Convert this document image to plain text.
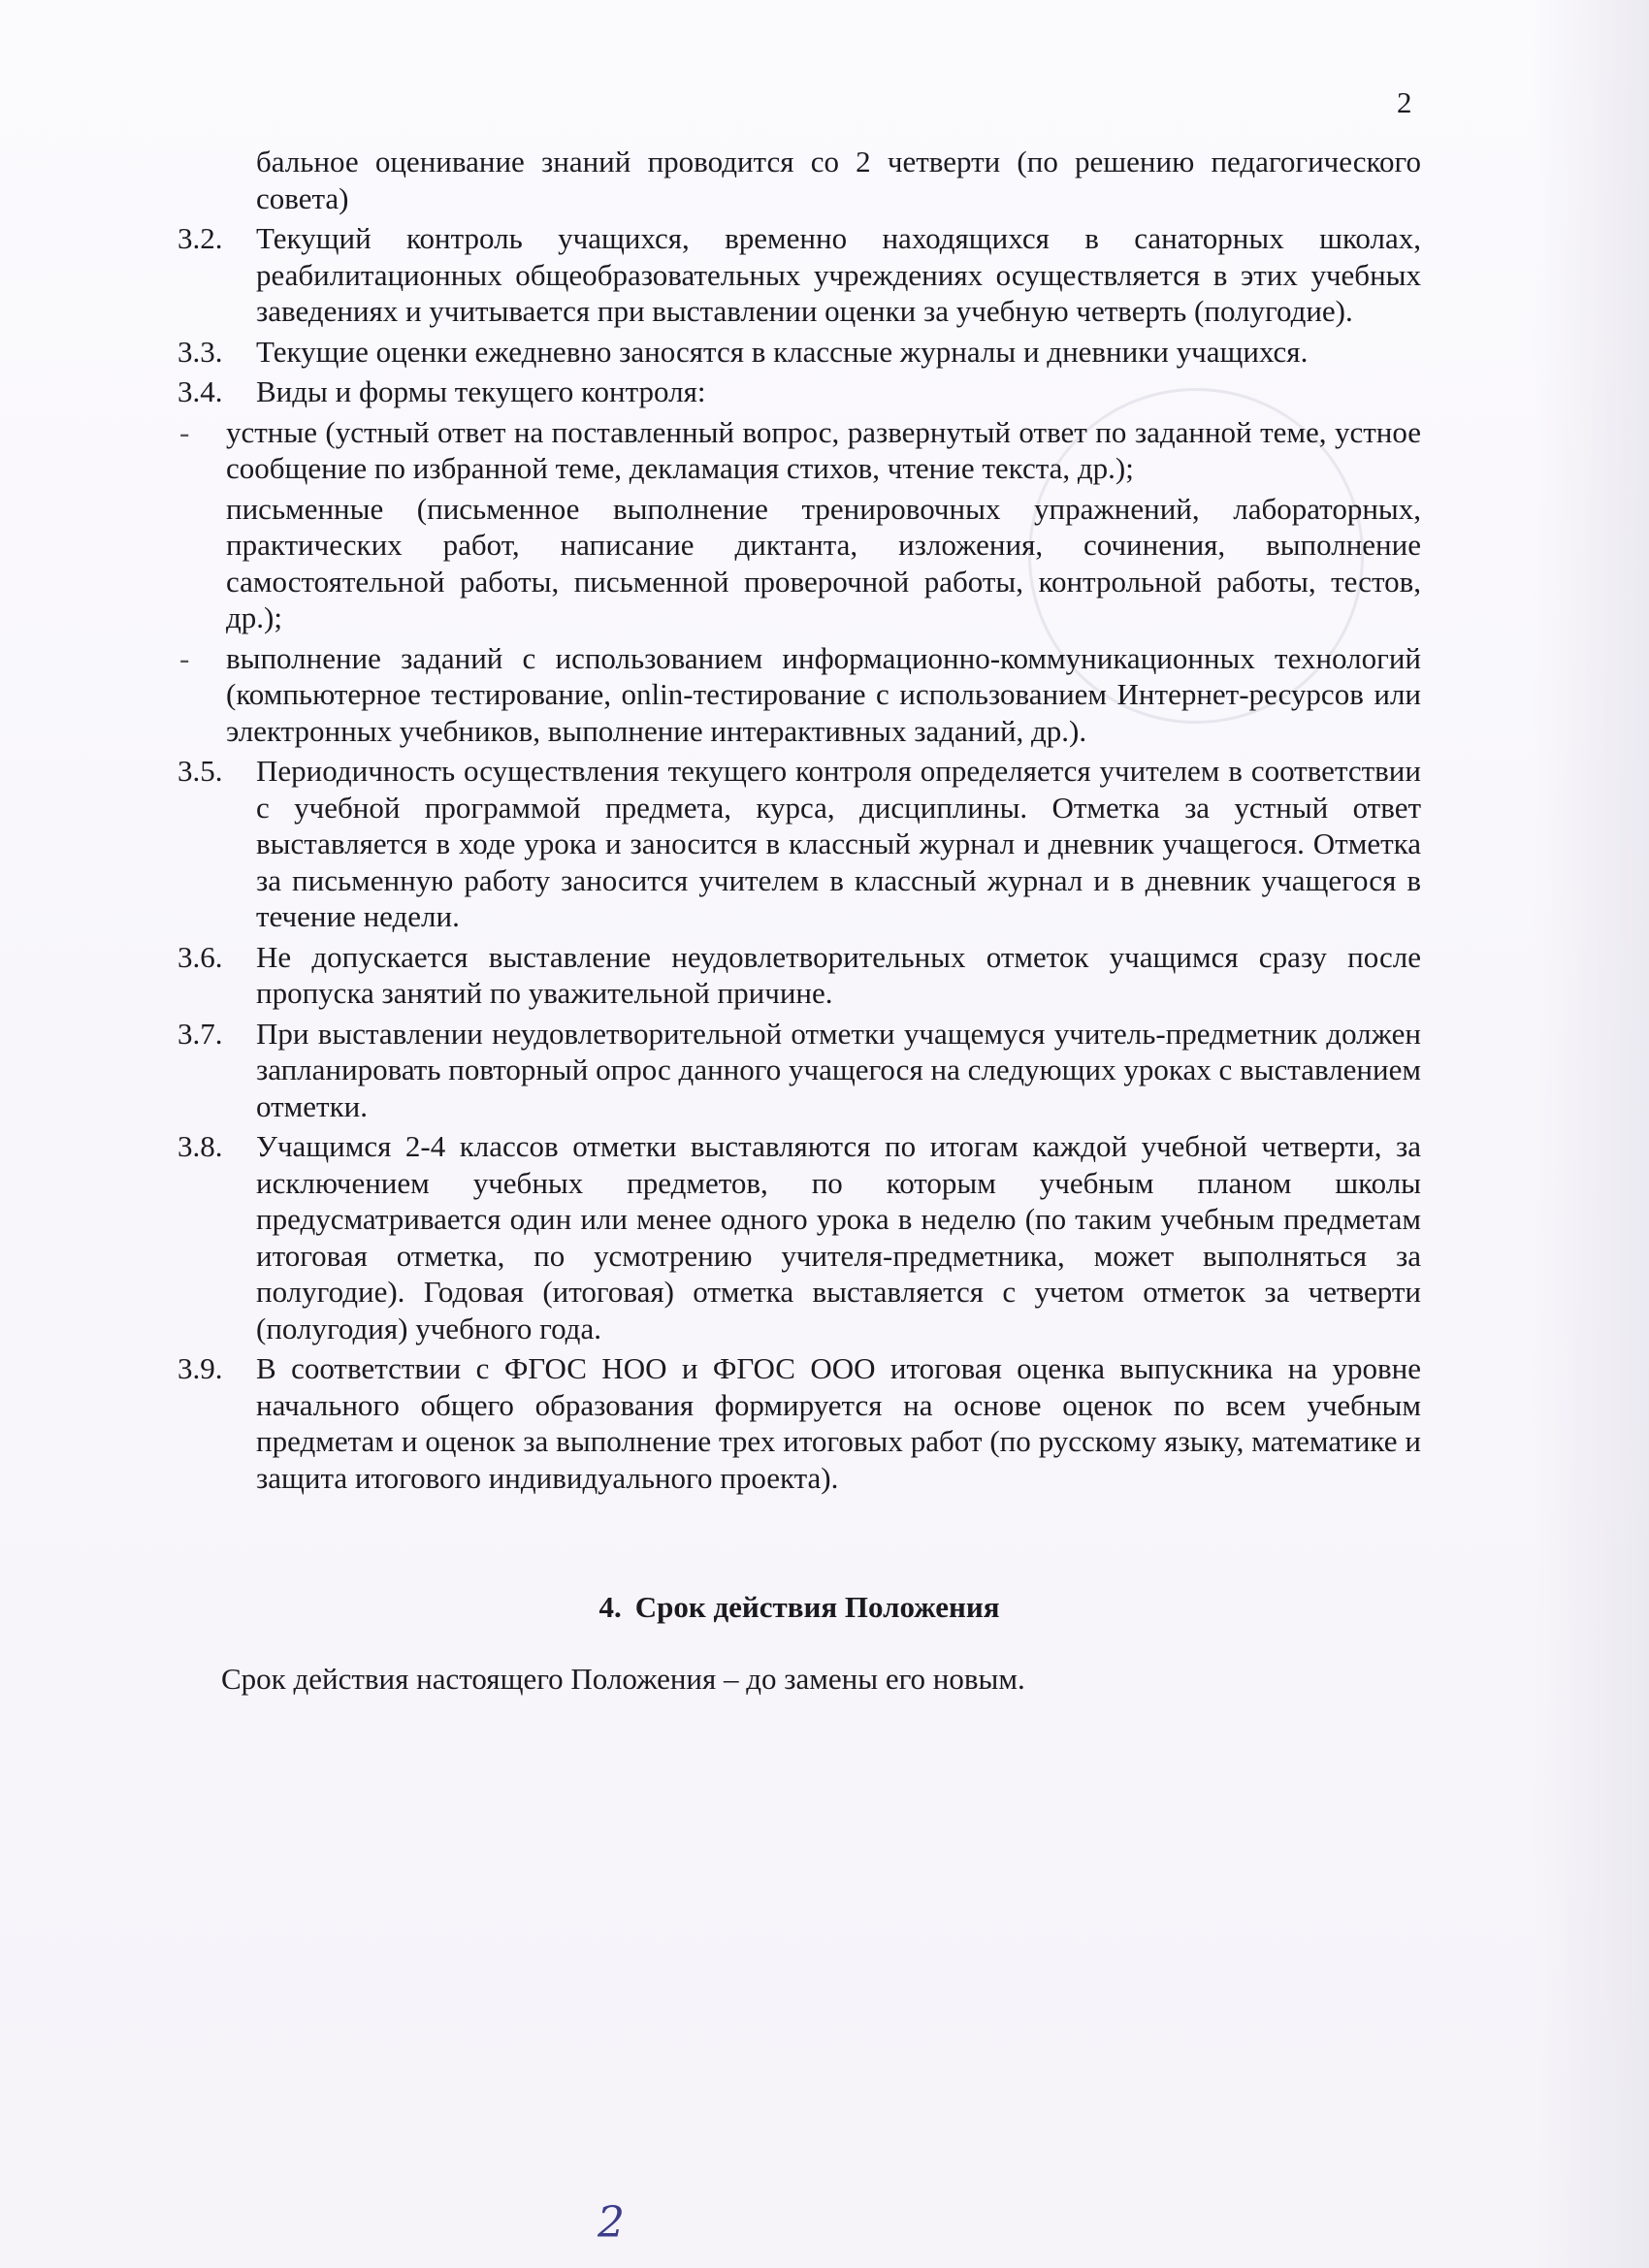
2
бальное оценивание знаний проводится со 2 четверти (по решению педагогического совета)
3.2.	Текущий контроль учащихся, временно находящихся в санаторных школах, реабилитационных общеобразовательных учреждениях осуществляется в этих учебных заведениях и учитывается при выставлении оценки за учебную четверть (полугодие).
3.3.	Текущие оценки ежедневно заносятся в классные журналы и дневники учащихся.
3.4.	Виды и формы текущего контроля:
-	устные (устный ответ на поставленный вопрос, развернутый ответ по заданной теме, устное сообщение по избранной теме, декламация стихов, чтение текста, др.);
письменные (письменное выполнение тренировочных упражнений, лабораторных, практических работ, написание диктанта, изложения, сочинения, выполнение самостоятельной работы, письменной проверочной работы, контрольной работы, тестов, др.);
-	выполнение заданий с использованием информационно-коммуникационных технологий (компьютерное тестирование, onlin-тестирование с использованием Интернет-ресурсов или электронных учебников, выполнение интерактивных заданий, др.).
3.5.	Периодичность осуществления текущего контроля определяется учителем в соответствии с учебной программой предмета, курса, дисциплины. Отметка за устный ответ выставляется в ходе урока и заносится в классный журнал и дневник учащегося. Отметка за письменную работу заносится учителем в классный журнал и в дневник учащегося в течение недели.
3.6.	Не допускается выставление неудовлетворительных отметок учащимся сразу после пропуска занятий по уважительной причине.
3.7.	При выставлении неудовлетворительной отметки учащемуся учитель-предметник должен запланировать повторный опрос данного учащегося на следующих уроках с выставлением отметки.
3.8.	Учащимся 2-4 классов отметки выставляются по итогам каждой учебной четверти, за исключением учебных предметов, по которым учебным планом школы предусматривается один или менее одного урока в неделю (по таким учебным предметам итоговая отметка, по усмотрению учителя-предметника, может выполняться за полугодие). Годовая (итоговая) отметка выставляется с учетом отметок за четверти (полугодия) учебного года.
3.9.	В соответствии с ФГОС НОО и ФГОС ООО итоговая оценка выпускника на уровне начального общего образования формируется на основе оценок по всем учебным предметам и оценок за выполнение трех итоговых работ (по русскому языку, математике и защита итогового индивидуального проекта).
4. Срок действия Положения
Срок действия настоящего Положения – до замены его новым.
2
